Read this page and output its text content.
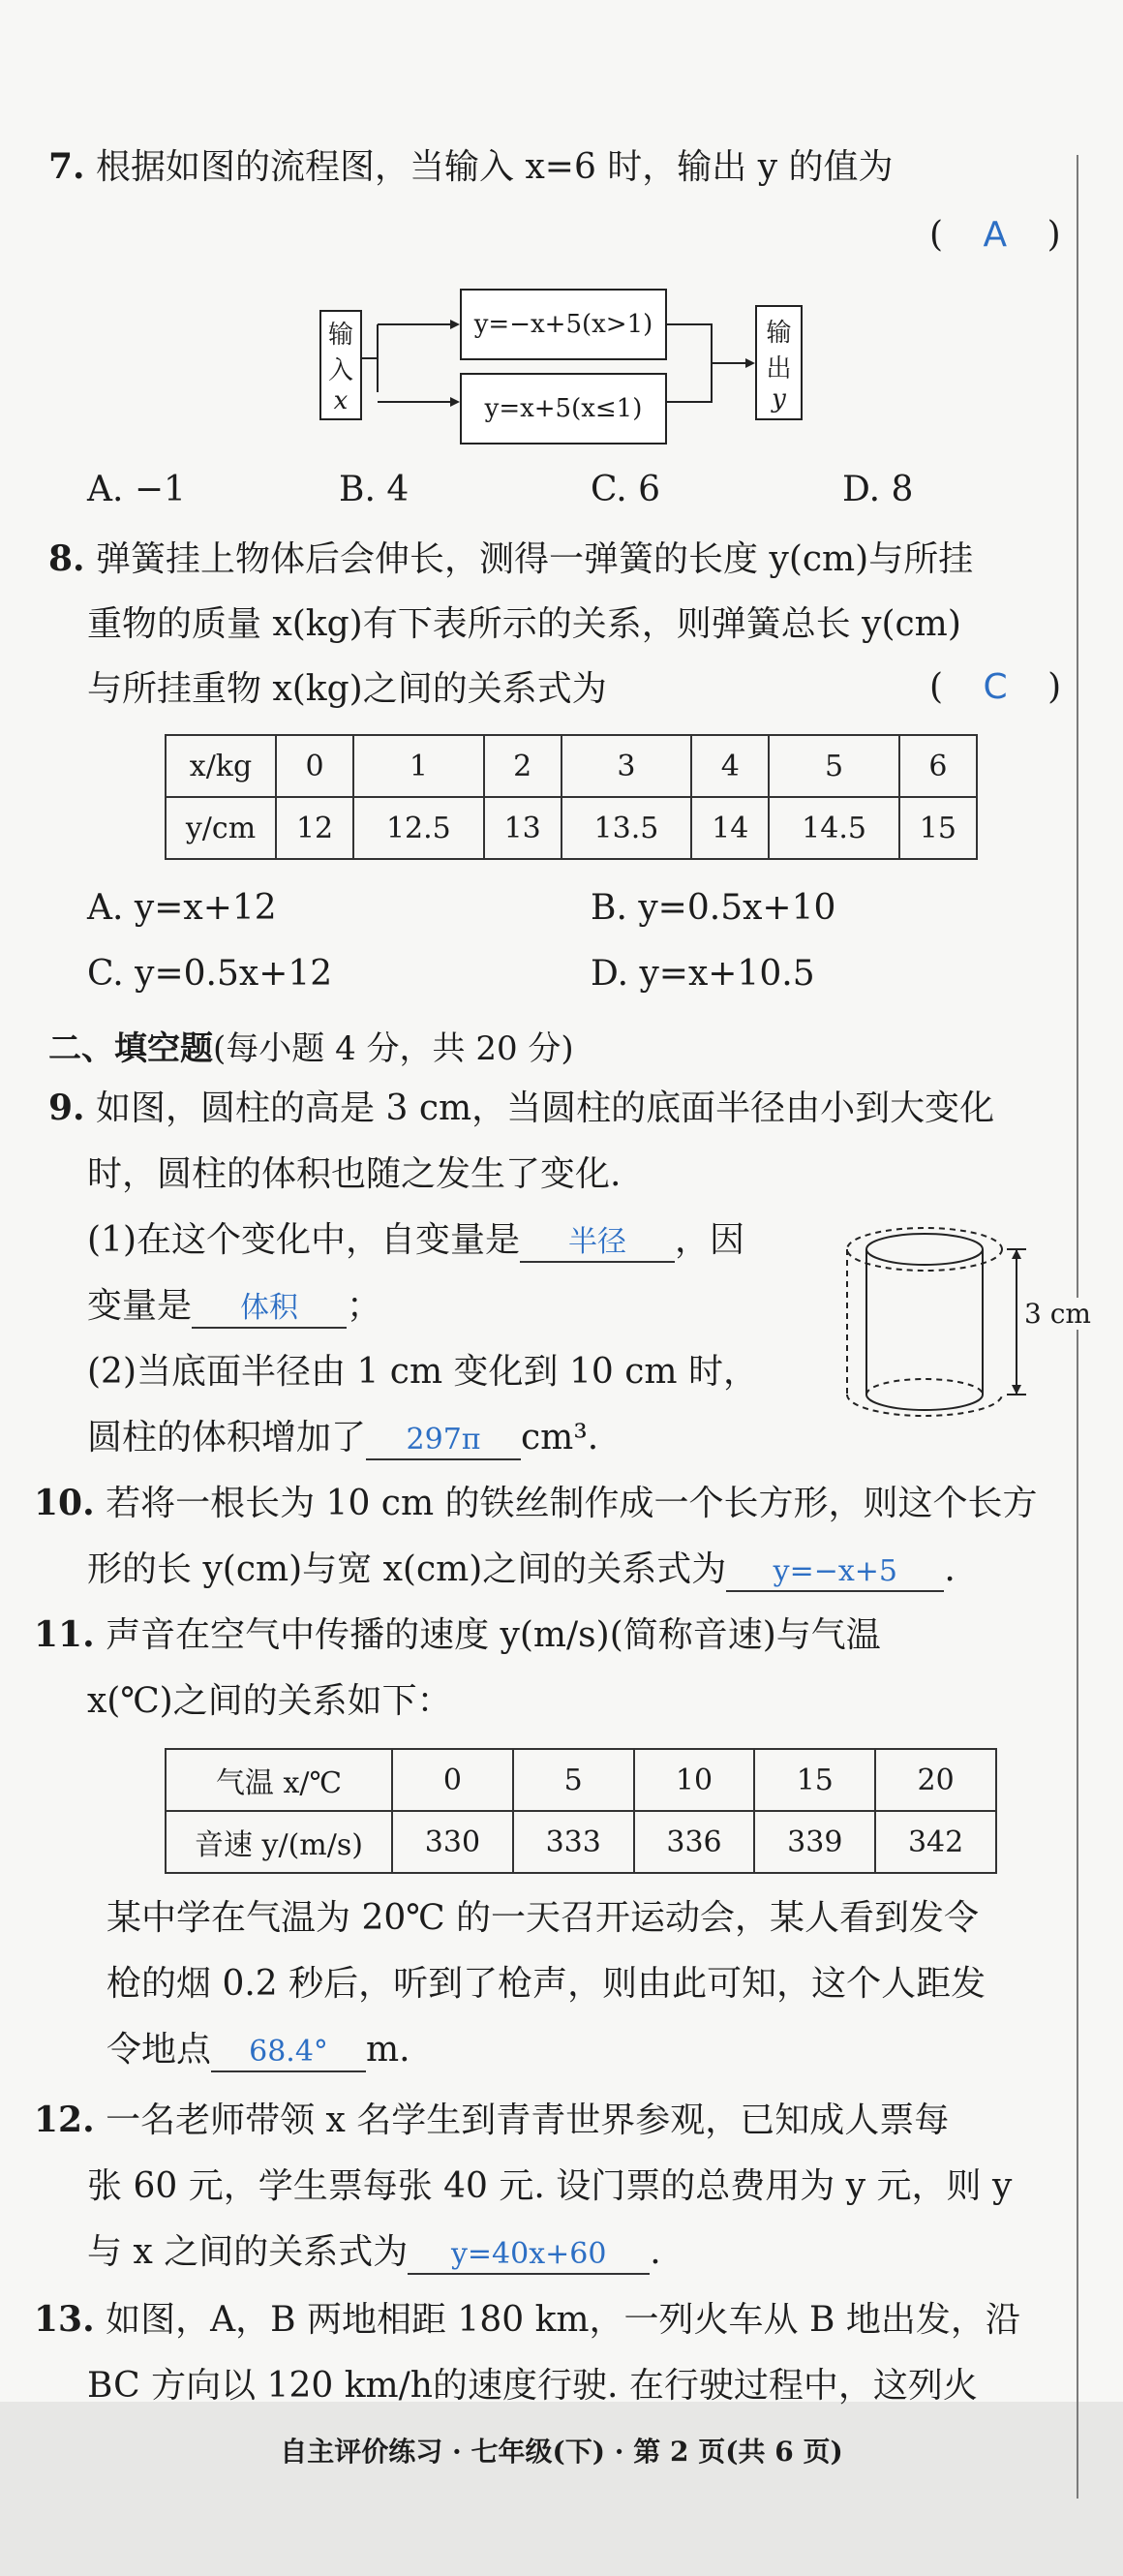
7. 根据如图的流程图，当输入 x=6 时，输出 y 的值为
( A )
输
入
x
y=−x+5(x>1)
y=x+5(x≤1)
输
出
y
A. −1	B. 4	C. 6	D. 8
8. 弹簧挂上物体后会伸长，测得一弹簧的长度 y(cm)与所挂
重物的质量 x(kg)有下表所示的关系，则弹簧总长 y(cm)
与所挂重物 x(kg)之间的关系式为	( C )
x/kg	0	1	2	3	4	5	6
y/cm	12	12.5	13	13.5	14	14.5	15
A. y=x+12	B. y=0.5x+10
C. y=0.5x+12	D. y=x+10.5
二、填空题(每小题 4 分，共 20 分)
9. 如图，圆柱的高是 3 cm，当圆柱的底面半径由小到大变化
时，圆柱的体积也随之发生了变化.
(1)在这个变化中，自变量是 半径 ，因
变量是 体积 ；
(2)当底面半径由 1 cm 变化到 10 cm 时，
圆柱的体积增加了 297π cm³.
3 cm
10. 若将一根长为 10 cm 的铁丝制作成一个长方形，则这个长方
形的长 y(cm)与宽 x(cm)之间的关系式为 y=−x+5 .
11. 声音在空气中传播的速度 y(m/s)(简称音速)与气温
x(℃)之间的关系如下：
气温 x/℃	0	5	10	15	20
音速 y/(m/s)	330	333	336	339	342
某中学在气温为 20℃ 的一天召开运动会，某人看到发令
枪的烟 0.2 秒后，听到了枪声，则由此可知，这个人距发
令地点 68.4° m.
12. 一名老师带领 x 名学生到青青世界参观，已知成人票每
张 60 元，学生票每张 40 元. 设门票的总费用为 y 元，则 y
与 x 之间的关系式为 y=40x+60 .
13. 如图，A，B 两地相距 180 km，一列火车从 B 地出发，沿
BC 方向以 120 km/h的速度行驶. 在行驶过程中，这列火
自主评价练习 · 七年级(下) · 第 2 页(共 6 页)
